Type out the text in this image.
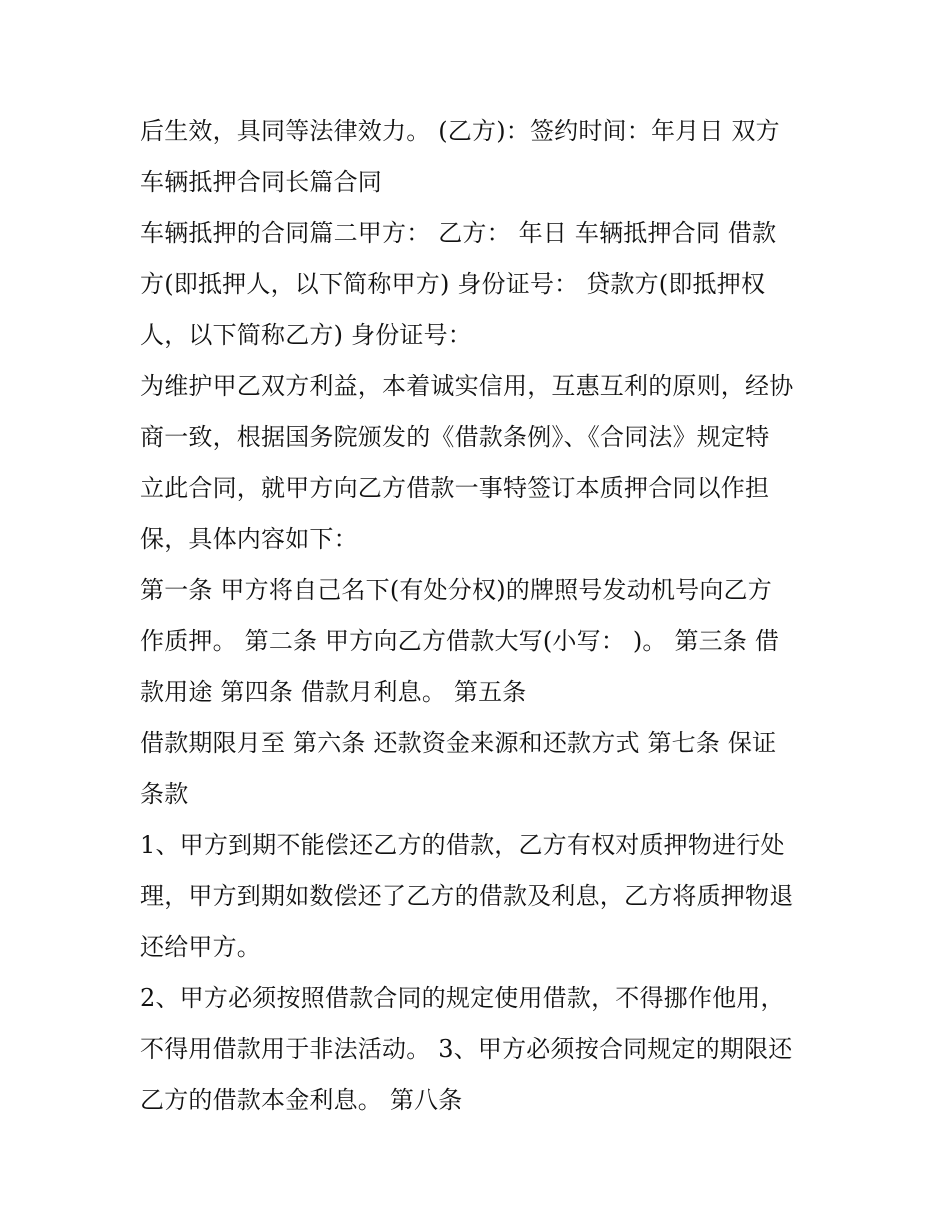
后生效，具同等法律效力。 (乙方)：签约时间：年月日 双方
车辆抵押合同长篇合同
车辆抵押的合同篇二甲方： 乙方： 年日 车辆抵押合同 借款
方(即抵押人，以下简称甲方) 身份证号： 贷款方(即抵押权
人，以下简称乙方) 身份证号：
为维护甲乙双方利益，本着诚实信用，互惠互利的原则，经协
商一致，根据国务院颁发的《借款条例》、《合同法》规定特
立此合同，就甲方向乙方借款一事特签订本质押合同以作担
保，具体内容如下：
第一条 甲方将自己名下(有处分权)的牌照号发动机号向乙方
作质押。 第二条 甲方向乙方借款大写(小写： )。 第三条 借
款用途 第四条 借款月利息。 第五条
借款期限月至 第六条 还款资金来源和还款方式 第七条 保证
条款
1、甲方到期不能偿还乙方的借款，乙方有权对质押物进行处
理，甲方到期如数偿还了乙方的借款及利息，乙方将质押物退
还给甲方。
2、甲方必须按照借款合同的规定使用借款，不得挪作他用，
不得用借款用于非法活动。 3、甲方必须按合同规定的期限还
乙方的借款本金利息。 第八条
